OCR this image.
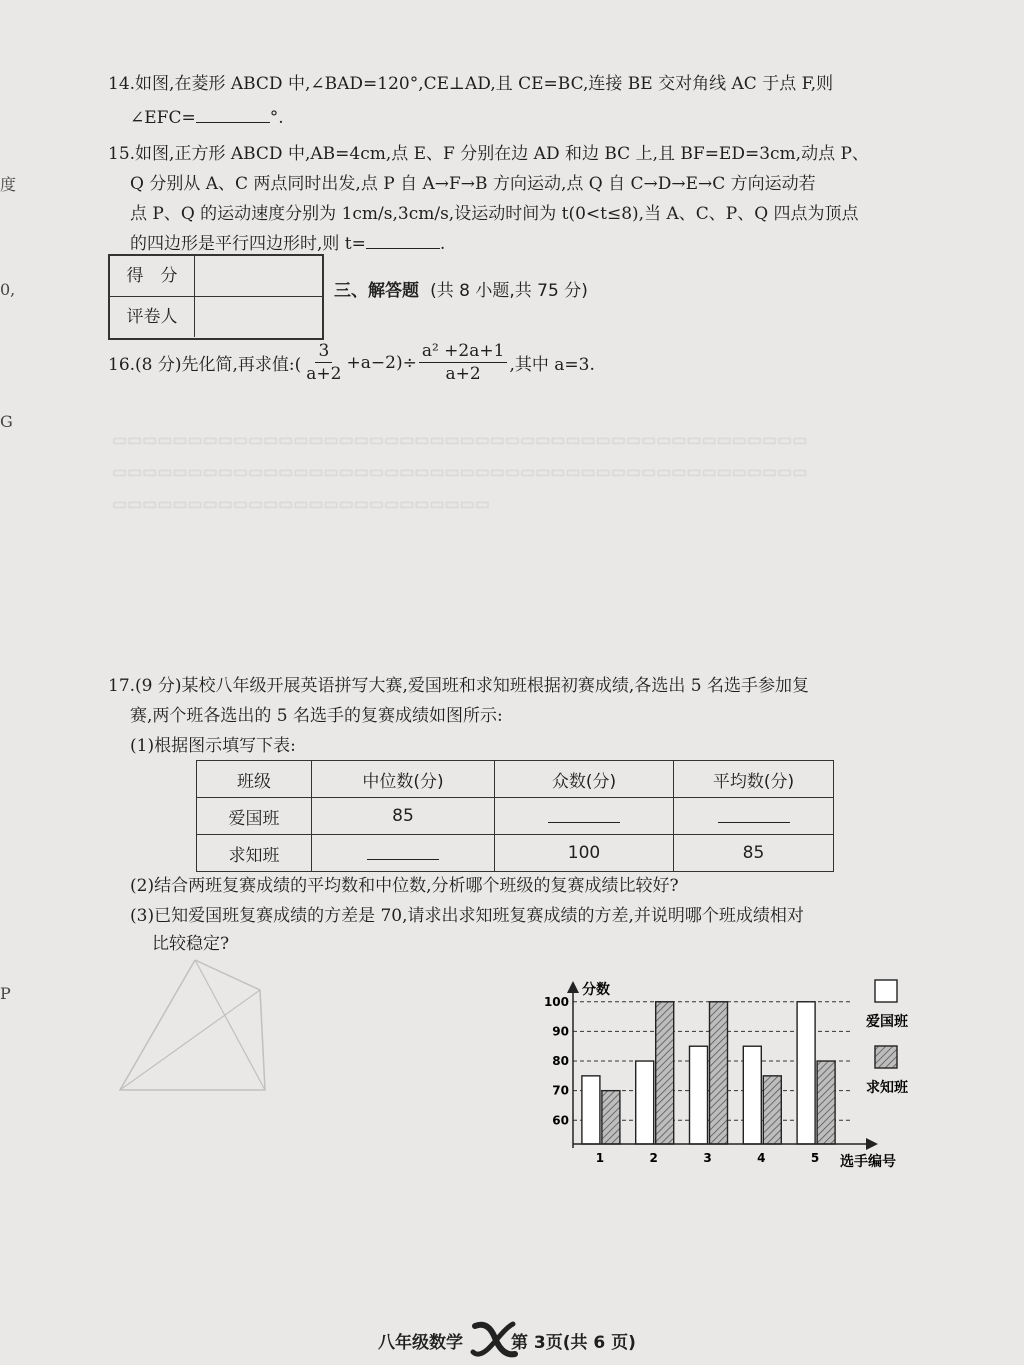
度
0,
G
P
▭▭▭▭▭▭▭▭▭▭▭▭▭▭▭▭▭▭▭▭▭▭▭▭▭▭▭▭▭▭▭▭▭▭▭▭▭▭▭▭▭▭▭▭▭▭
▭▭▭▭▭▭▭▭▭▭▭▭▭▭▭▭▭▭▭▭▭▭▭▭▭▭▭▭▭▭▭▭▭▭▭▭▭▭▭▭▭▭▭▭▭▭
▭▭▭▭▭▭▭▭▭▭▭▭▭▭▭▭▭▭▭▭▭▭▭▭▭
14.如图,在菱形 ABCD 中,∠BAD=120°,CE⊥AD,且 CE=BC,连接 BE 交对角线 AC 于点 F,则
∠EFC=	°.
15.如图,正方形 ABCD 中,AB=4cm,点 E、F 分别在边 AD 和边 BC 上,且 BF=ED=3cm,动点 P、
Q 分别从 A、C 两点同时出发,点 P 自 A→F→B 方向运动,点 Q 自 C→D→E→C 方向运动若
点 P、Q 的运动速度分别为 1cm/s,3cm/s,设运动时间为 t(0<t≤8),当 A、C、P、Q 四点为顶点
的四边形是平行四边形时,则 t=	.
得　分
评卷人
三、解答题 (共 8 小题,共 75 分)
16.(8 分)先化简,再求值:( $\frac{3}{a+2} +a-2)\div \frac{\text{a² +2a+1}}{a+2}$ ,其中 a=3.
17.(9 分)某校八年级开展英语拼写大赛,爱国班和求知班根据初赛成绩,各选出 5 名选手参加复
赛,两个班各选出的 5 名选手的复赛成绩如图所示:
(1)根据图示填写下表:
班级	中位数(分)	众数(分)	平均数(分)
爱国班	85		
求知班		100	85
(2)结合两班复赛成绩的平均数和中位数,分析哪个班级的复赛成绩比较好?
(3)已知爱国班复赛成绩的方差是 70,请求出求知班复赛成绩的方差,并说明哪个班成绩相对
比较稳定?
60
70
80
90
100
1	2	3	4	5
分数
选手编号
爱国班
求知班
八年级数学	第 3页(共 6 页)
